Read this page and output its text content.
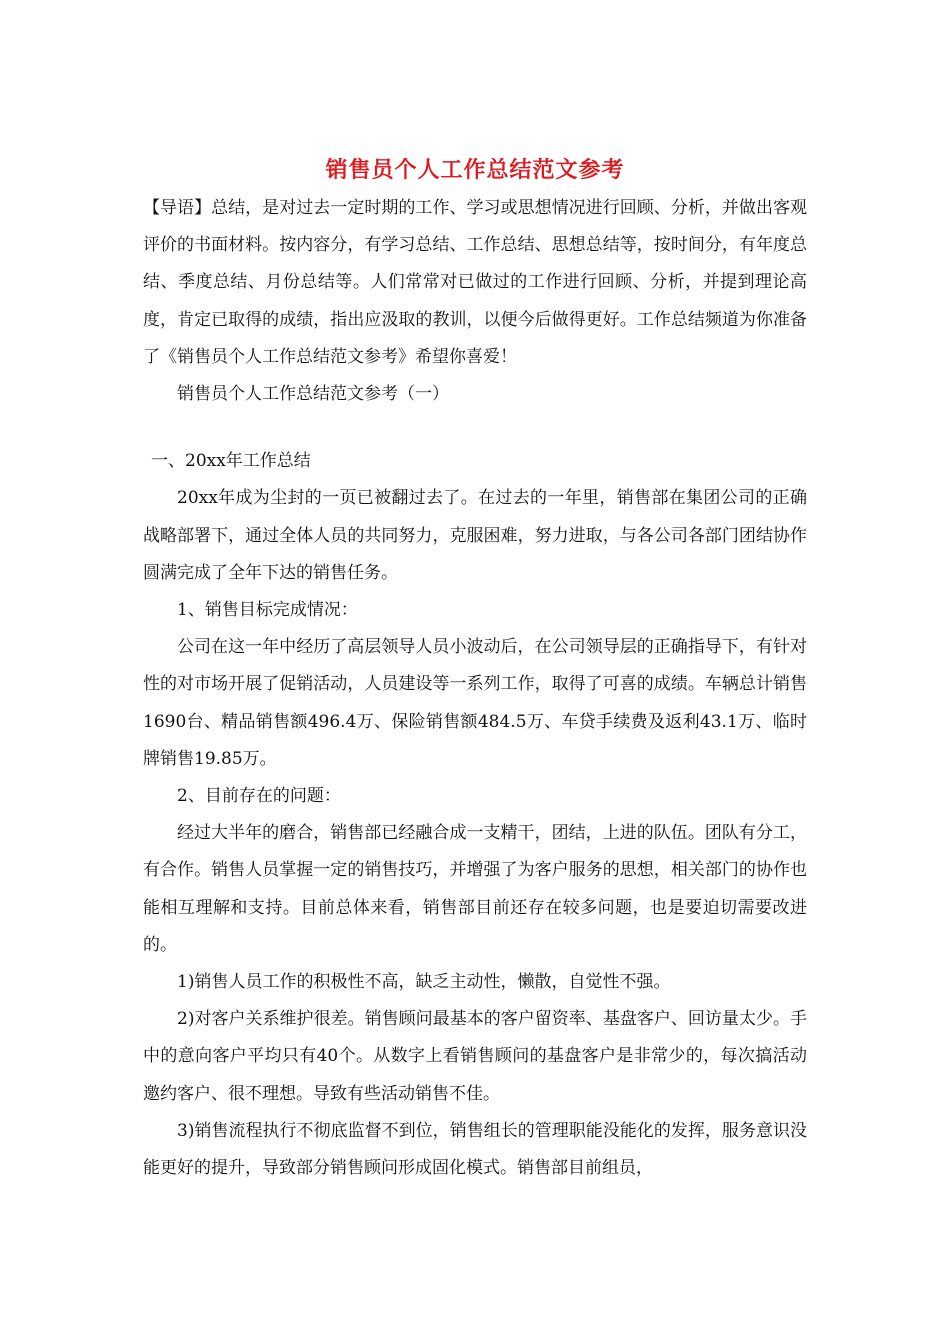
销售员个人工作总结范文参考

【导语】总结，是对过去一定时期的工作、学习或思想情况进行回顾、分析，并做出客观评价的书面材料。按内容分，有学习总结、工作总结、思想总结等，按时间分，有年度总结、季度总结、月份总结等。人们常常对已做过的工作进行回顾、分析，并提到理论高度，肯定已取得的成绩，指出应汲取的教训，以便今后做得更好。工作总结频道为你准备了《销售员个人工作总结范文参考》希望你喜爱！

销售员个人工作总结范文参考（一）

一、20xx年工作总结

20xx年成为尘封的一页已被翻过去了。在过去的一年里，销售部在集团公司的正确战略部署下，通过全体人员的共同努力，克服困难，努力进取，与各公司各部门团结协作圆满完成了全年下达的销售任务。

1、销售目标完成情况：

公司在这一年中经历了高层领导人员小波动后，在公司领导层的正确指导下，有针对性的对市场开展了促销活动，人员建设等一系列工作，取得了可喜的成绩。车辆总计销售1690台、精品销售额496.4万、保险销售额484.5万、车贷手续费及返利43.1万、临时牌销售19.85万。

2、目前存在的问题：

经过大半年的磨合，销售部已经融合成一支精干，团结，上进的队伍。团队有分工，有合作。销售人员掌握一定的销售技巧，并增强了为客户服务的思想，相关部门的协作也能相互理解和支持。目前总体来看，销售部目前还存在较多问题，也是要迫切需要改进的。

1)销售人员工作的积极性不高，缺乏主动性，懒散，自觉性不强。

2)对客户关系维护很差。销售顾问最基本的客户留资率、基盘客户、回访量太少。手中的意向客户平均只有40个。从数字上看销售顾问的基盘客户是非常少的，每次搞活动邀约客户、很不理想。导致有些活动销售不佳。

3)销售流程执行不彻底监督不到位，销售组长的管理职能没能化的发挥，服务意识没能更好的提升，导致部分销售顾问形成固化模式。销售部目前组员，
